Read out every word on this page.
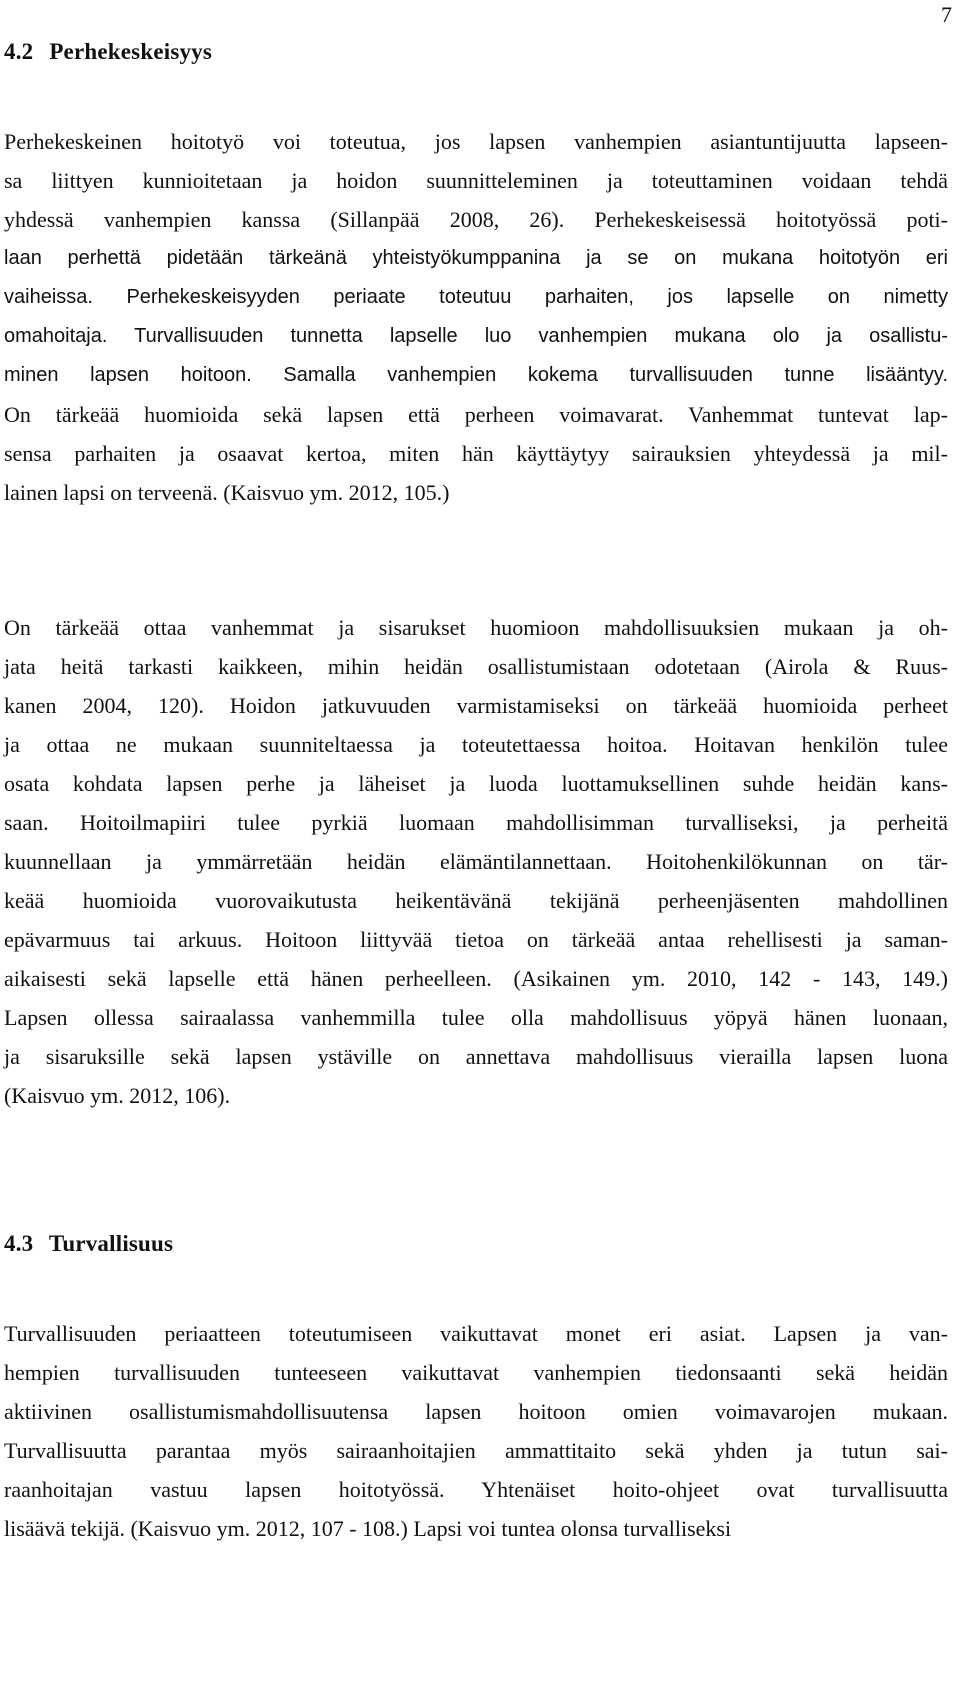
7
4.2 Perhekeskeisyys
Perhekeskeinen hoitotyö voi toteutua, jos lapsen vanhempien asiantuntijuutta lapseen-
sa liittyen kunnioitetaan ja hoidon suunnitteleminen ja toteuttaminen voidaan tehdä
yhdessä vanhempien kanssa (Sillanpää 2008, 26). Perhekeskeisessä hoitotyössä poti-
laan perhettä pidetään tärkeänä yhteistyökumppanina ja se on mukana hoitotyön eri
vaiheissa. Perhekeskeisyyden periaate toteutuu parhaiten, jos lapselle on nimetty
omahoitaja. Turvallisuuden tunnetta lapselle luo vanhempien mukana olo ja osallistu-
minen lapsen hoitoon. Samalla vanhempien kokema turvallisuuden tunne lisääntyy.
On tärkeää huomioida sekä lapsen että perheen voimavarat. Vanhemmat tuntevat lap-
sensa parhaiten ja osaavat kertoa, miten hän käyttäytyy sairauksien yhteydessä ja mil-
lainen lapsi on terveenä. (Kaisvuo ym. 2012, 105.)
On tärkeää ottaa vanhemmat ja sisarukset huomioon mahdollisuuksien mukaan ja oh-
jata heitä tarkasti kaikkeen, mihin heidän osallistumistaan odotetaan (Airola & Ruus-
kanen 2004, 120). Hoidon jatkuvuuden varmistamiseksi on tärkeää huomioida perheet
ja ottaa ne mukaan suunniteltaessa ja toteutettaessa hoitoa. Hoitavan henkilön tulee
osata kohdata lapsen perhe ja läheiset ja luoda luottamuksellinen suhde heidän kans-
saan. Hoitoilmapiiri tulee pyrkiä luomaan mahdollisimman turvalliseksi, ja perheitä
kuunnellaan ja ymmärretään heidän elämäntilannettaan. Hoitohenkilökunnan on tär-
keää huomioida vuorovaikutusta heikentävänä tekijänä perheenjäsenten mahdollinen
epävarmuus tai arkuus. Hoitoon liittyvää tietoa on tärkeää antaa rehellisesti ja saman-
aikaisesti sekä lapselle että hänen perheelleen. (Asikainen ym. 2010, 142 - 143, 149.)
Lapsen ollessa sairaalassa vanhemmilla tulee olla mahdollisuus yöpyä hänen luonaan,
ja sisaruksille sekä lapsen ystäville on annettava mahdollisuus vierailla lapsen luona
(Kaisvuo ym. 2012, 106).
4.3 Turvallisuus
Turvallisuuden periaatteen toteutumiseen vaikuttavat monet eri asiat. Lapsen ja van-
hempien turvallisuuden tunteeseen vaikuttavat vanhempien tiedonsaanti sekä heidän
aktiivinen osallistumismahdollisuutensa lapsen hoitoon omien voimavarojen mukaan.
Turvallisuutta parantaa myös sairaanhoitajien ammattitaito sekä yhden ja tutun sai-
raanhoitajan vastuu lapsen hoitotyössä. Yhtenäiset hoito-ohjeet ovat turvallisuutta
lisäävä tekijä. (Kaisvuo ym. 2012, 107 - 108.) Lapsi voi tuntea olonsa turvalliseksi
